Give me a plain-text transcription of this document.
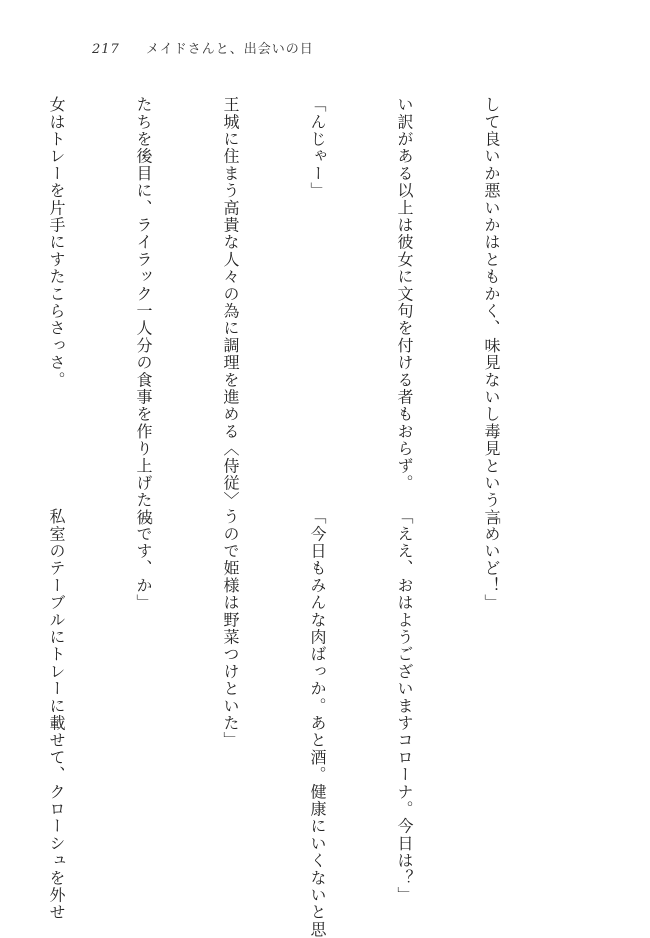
217 メイドさんと、出会いの日

して良いか悪いかはともかく、味見ないし毒見という言

い訳がある以上は彼女に文句を付ける者もおらず。

「んじゃー」

王城に住まう高貴な人々の為に調理を進める〈侍従〉

たちを後目に、ライラック一人分の食事を作り上げた彼

女はトレーを片手にすたこらさっさ。

「めいど！」

「ええ、おはようございますコローナ。今日は？」

「今日もみんな肉ばっか。あと酒。健康にいくないと思

うので姫様は野菜つけといた」

「です、か」

私室のテーブルにトレーに載せて、クローシュを外せ
